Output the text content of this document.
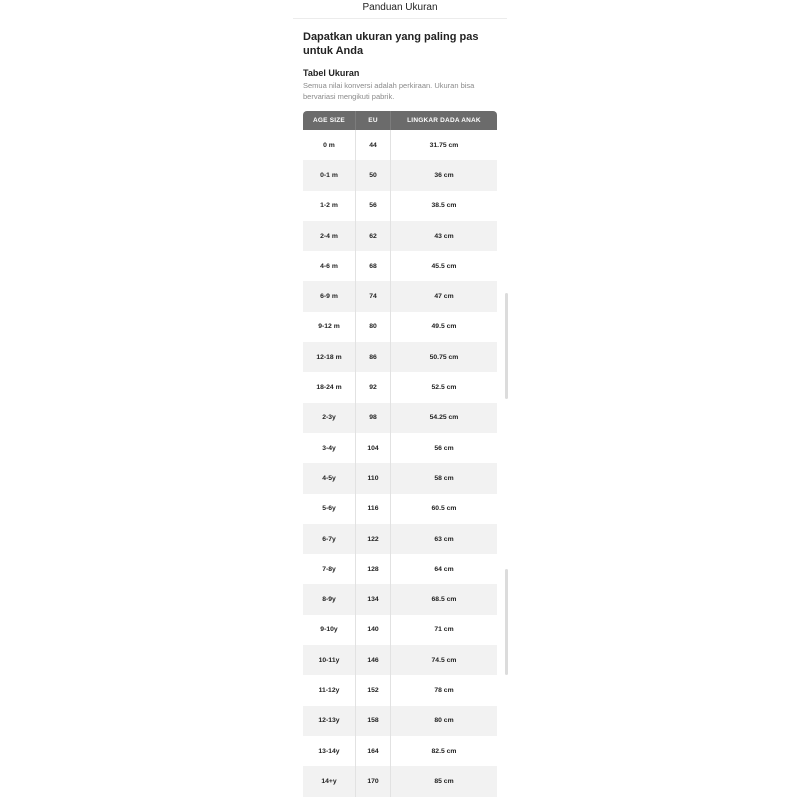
Panduan Ukuran
Dapatkan ukuran yang paling pas untuk Anda
Tabel Ukuran
Semua nilai konversi adalah perkiraan. Ukuran bisa bervariasi mengikuti pabrik.
AGE SIZE	EU	LINGKAR DADA ANAK
0 m	44	31.75 cm
0-1 m	50	36 cm
1-2 m	56	38.5 cm
2-4 m	62	43 cm
4-6 m	68	45.5 cm
6-9 m	74	47 cm
9-12 m	80	49.5 cm
12-18 m	86	50.75 cm
18-24 m	92	52.5 cm
2-3y	98	54.25 cm
3-4y	104	56 cm
4-5y	110	58 cm
5-6y	116	60.5 cm
6-7y	122	63 cm
7-8y	128	64 cm
8-9y	134	68.5 cm
9-10y	140	71 cm
10-11y	146	74.5 cm
11-12y	152	78 cm
12-13y	158	80 cm
13-14y	164	82.5 cm
14+y	170	85 cm
